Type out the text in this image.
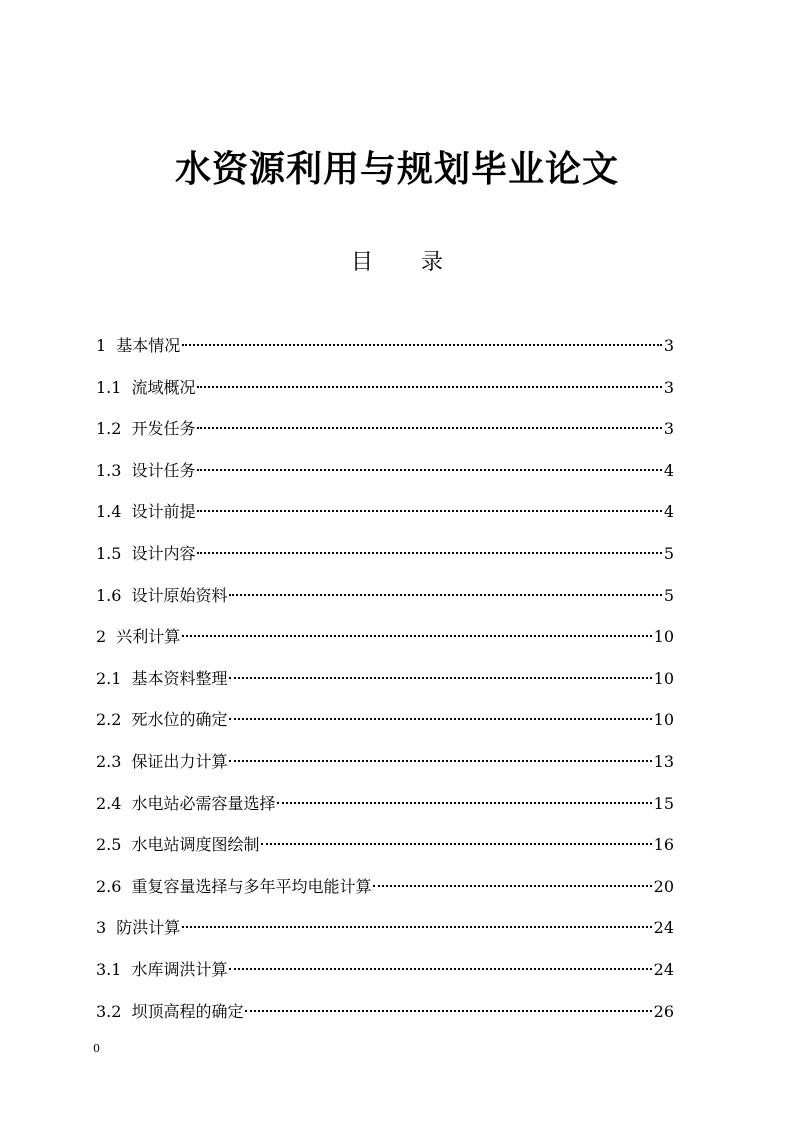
水资源利用与规划毕业论文
目录
1 基本情况	3
1.1 流域概况	3
1.2 开发任务	3
1.3 设计任务	4
1.4 设计前提	4
1.5 设计内容	5
1.6 设计原始资料	5
2 兴利计算	10
2.1 基本资料整理	10
2.2 死水位的确定	10
2.3 保证出力计算	13
2.4 水电站必需容量选择	15
2.5 水电站调度图绘制	16
2.6 重复容量选择与多年平均电能计算	20
3 防洪计算	24
3.1 水库调洪计算	24
3.2 坝顶高程的确定	26
0
